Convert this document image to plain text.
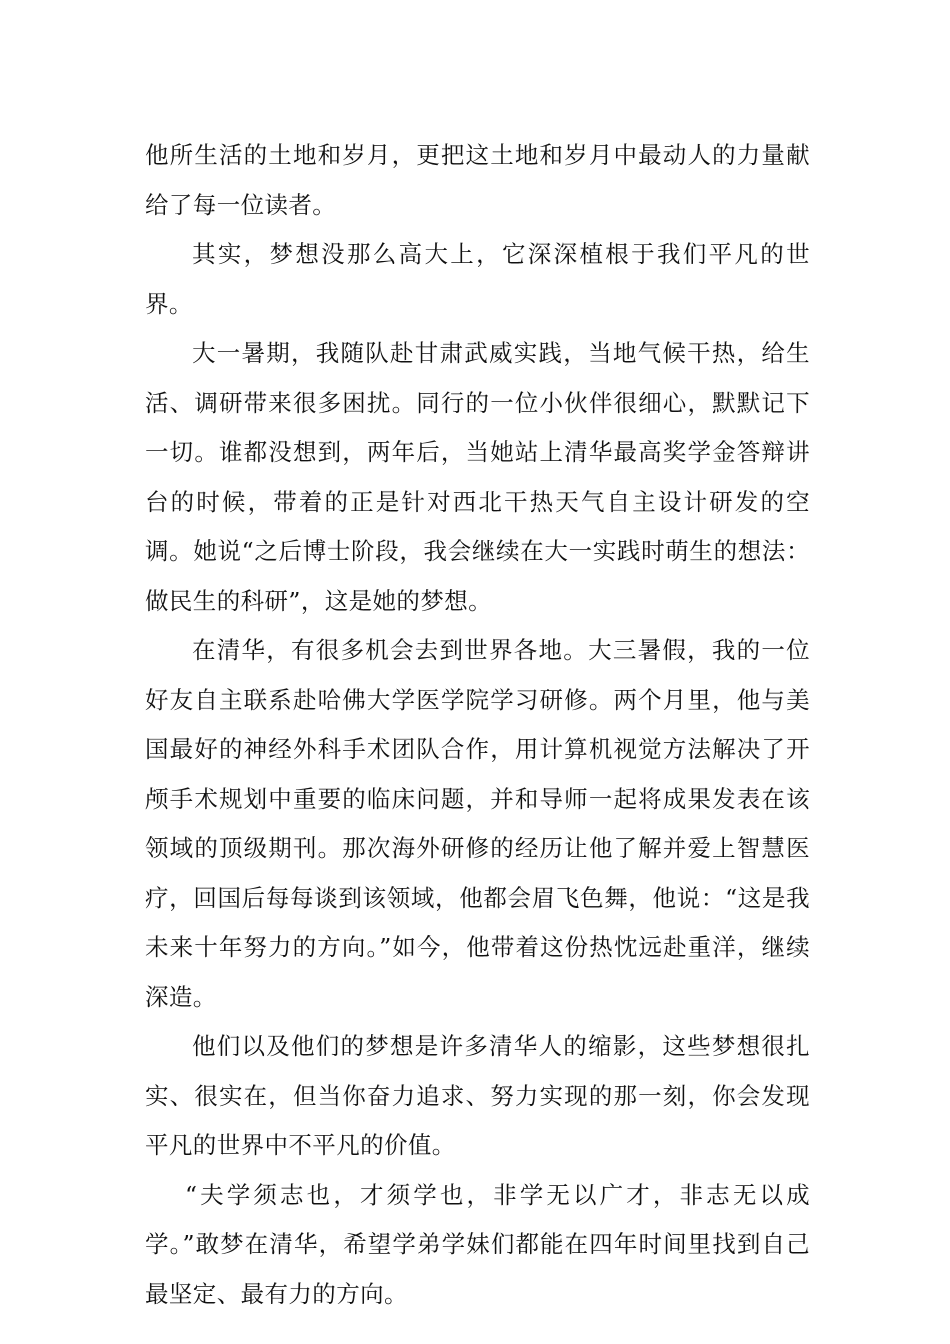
他所生活的土地和岁月，更把这土地和岁月中最动人的力量献给了每一位读者。

其实，梦想没那么高大上，它深深植根于我们平凡的世界。

大一暑期，我随队赴甘肃武威实践，当地气候干热，给生活、调研带来很多困扰。同行的一位小伙伴很细心，默默记下一切。谁都没想到，两年后，当她站上清华最高奖学金答辩讲台的时候，带着的正是针对西北干热天气自主设计研发的空调。她说“之后博士阶段，我会继续在大一实践时萌生的想法：做民生的科研”，这是她的梦想。

在清华，有很多机会去到世界各地。大三暑假，我的一位好友自主联系赴哈佛大学医学院学习研修。两个月里，他与美国最好的神经外科手术团队合作，用计算机视觉方法解决了开颅手术规划中重要的临床问题，并和导师一起将成果发表在该领域的顶级期刊。那次海外研修的经历让他了解并爱上智慧医疗，回国后每每谈到该领域，他都会眉飞色舞，他说：“这是我未来十年努力的方向。”如今，他带着这份热忱远赴重洋，继续深造。

他们以及他们的梦想是许多清华人的缩影，这些梦想很扎实、很实在，但当你奋力追求、努力实现的那一刻，你会发现平凡的世界中不平凡的价值。

“夫学须志也，才须学也，非学无以广才，非志无以成学。”敢梦在清华，希望学弟学妹们都能在四年时间里找到自己最坚定、最有力的方向。
